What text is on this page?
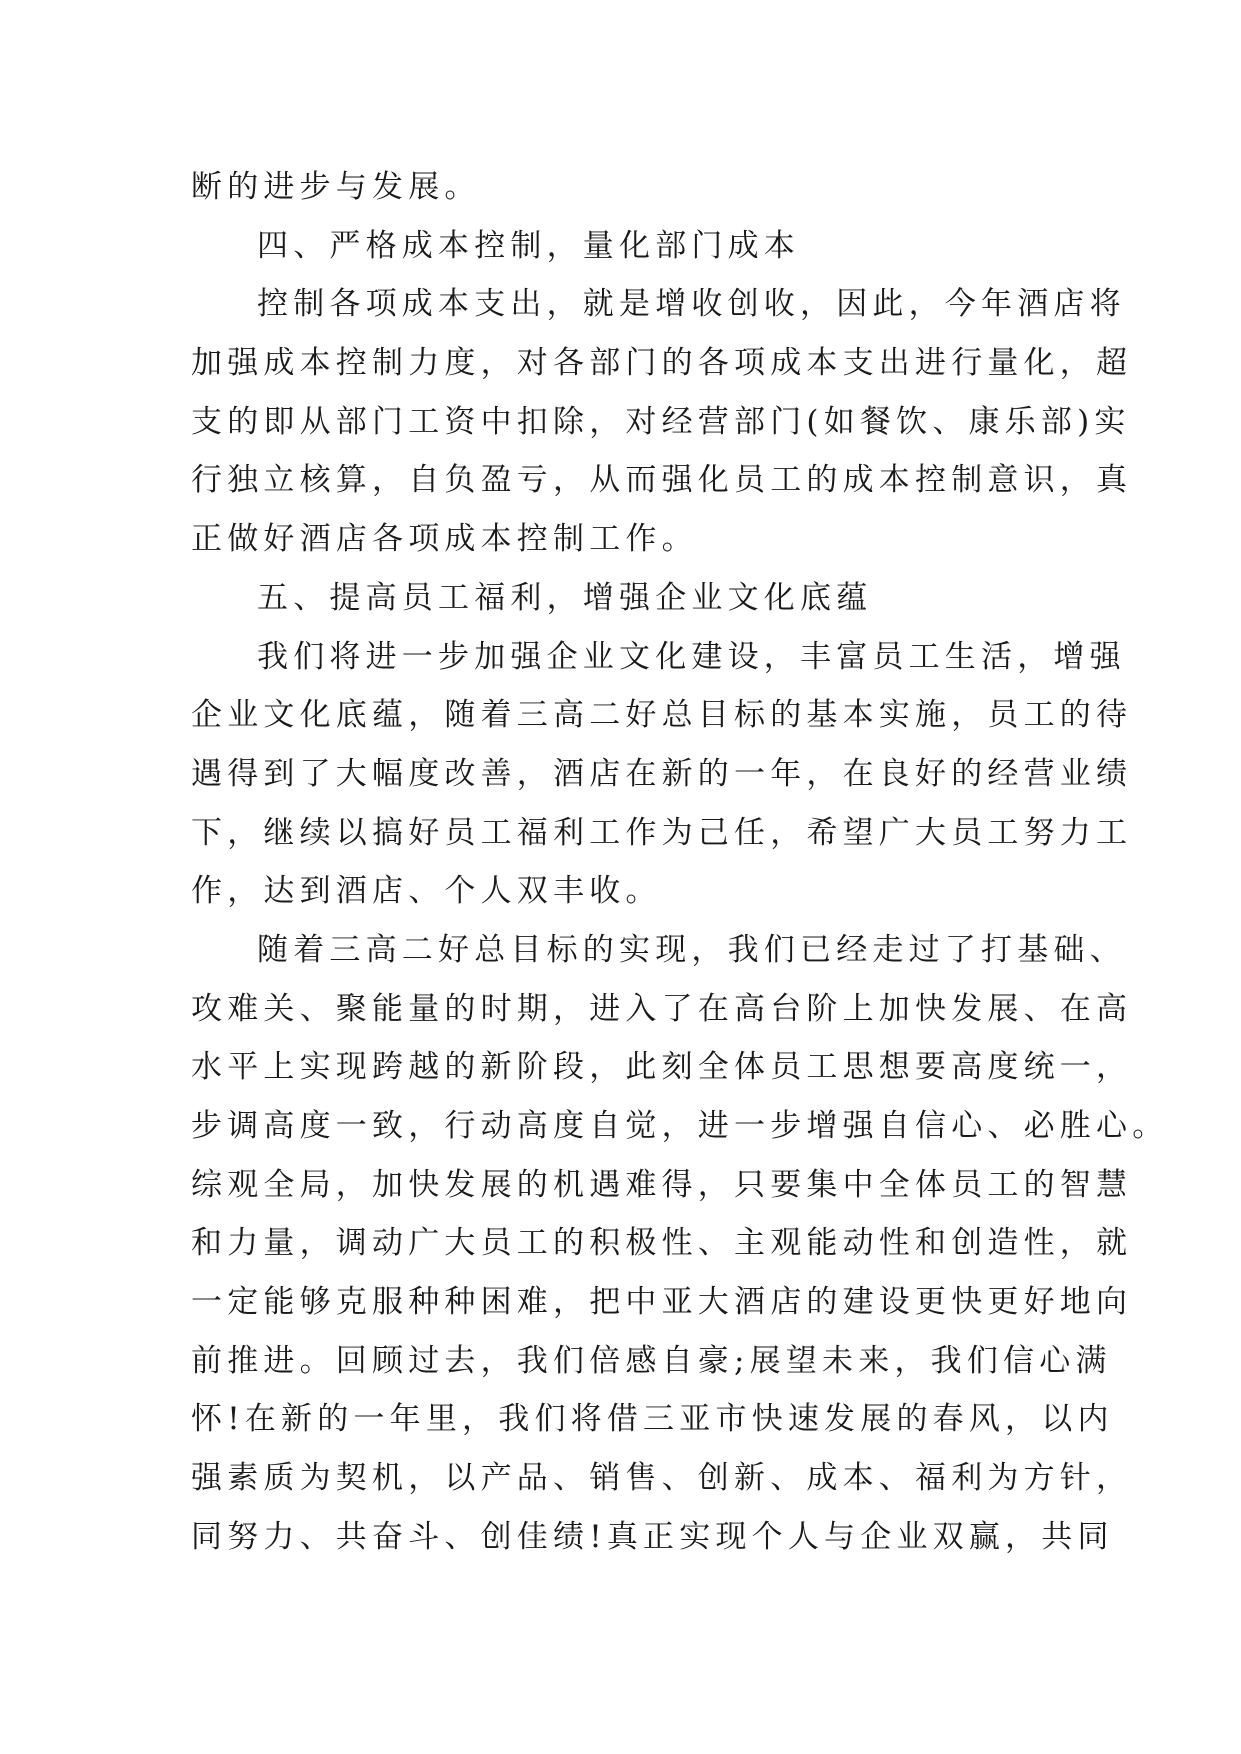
断的进步与发展。
四、严格成本控制，量化部门成本
控制各项成本支出，就是增收创收，因此，今年酒店将
加强成本控制力度，对各部门的各项成本支出进行量化，超
支的即从部门工资中扣除，对经营部门(如餐饮、康乐部)实
行独立核算，自负盈亏，从而强化员工的成本控制意识，真
正做好酒店各项成本控制工作。
五、提高员工福利，增强企业文化底蕴
我们将进一步加强企业文化建设，丰富员工生活，增强
企业文化底蕴，随着三高二好总目标的基本实施，员工的待
遇得到了大幅度改善，酒店在新的一年，在良好的经营业绩
下，继续以搞好员工福利工作为己任，希望广大员工努力工
作，达到酒店、个人双丰收。
随着三高二好总目标的实现，我们已经走过了打基础、
攻难关、聚能量的时期，进入了在高台阶上加快发展、在高
水平上实现跨越的新阶段，此刻全体员工思想要高度统一，
步调高度一致，行动高度自觉，进一步增强自信心、必胜心。
综观全局，加快发展的机遇难得，只要集中全体员工的智慧
和力量，调动广大员工的积极性、主观能动性和创造性，就
一定能够克服种种困难，把中亚大酒店的建设更快更好地向
前推进。回顾过去，我们倍感自豪;展望未来，我们信心满
怀!在新的一年里，我们将借三亚市快速发展的春风，以内
强素质为契机，以产品、销售、创新、成本、福利为方针，
同努力、共奋斗、创佳绩!真正实现个人与企业双赢，共同
